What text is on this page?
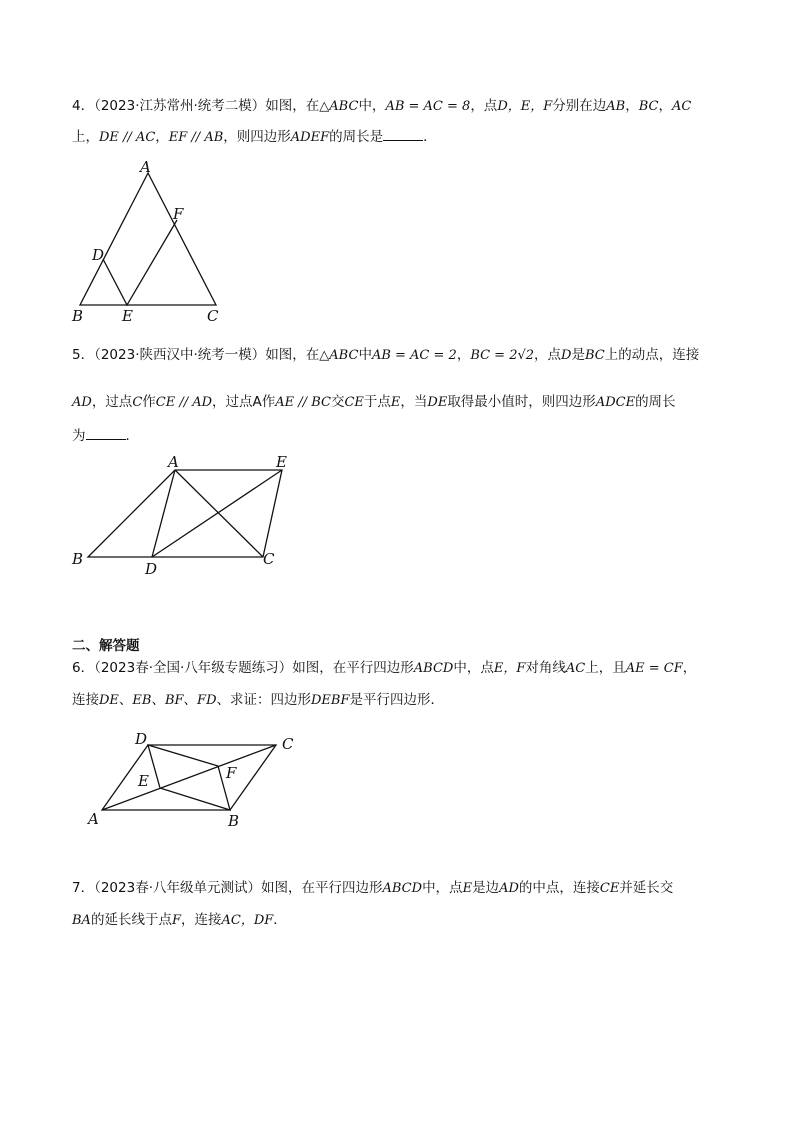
4．（2023·江苏常州·统考二模）如图，在△ABC中，AB = AC = 8，点D，E，F分别在边AB，BC，AC
上，DE // AC，EF // AB，则四边形ADEF的周长是	．
A
F
D
B	E	C
5．（2023·陕西汉中·统考一模）如图，在△ABC中AB = AC = 2，BC = 2√2，点D是BC上的动点，连接
AD，过点C作CE // AD，过点A作AE // BC交CE于点E，当DE取得最小值时，则四边形ADCE的周长
为	．
A	E
B
D
C
二、解答题
6．（2023春·全国·八年级专题练习）如图，在平行四边形ABCD中，点E，F对角线AC上，且AE = CF，
连接DE、EB、BF、FD、求证：四边形DEBF是平行四边形．
D	C
F
E
A	B
7．（2023春·八年级单元测试）如图，在平行四边形ABCD中，点E是边AD的中点，连接CE并延长交
BA的延长线于点F，连接AC，DF．
